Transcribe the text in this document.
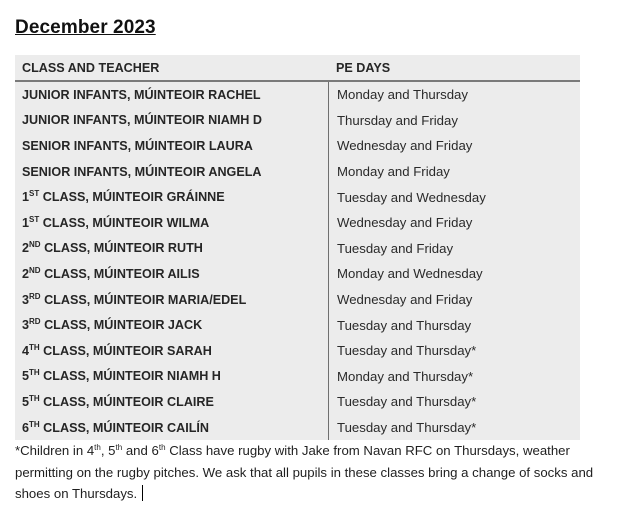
December 2023
CLASS AND TEACHER	PE DAYS
JUNIOR INFANTS, MÚINTEOIR RACHEL	Monday and Thursday
JUNIOR INFANTS, MÚINTEOIR NIAMH D	Thursday and Friday
SENIOR INFANTS, MÚINTEOIR LAURA	Wednesday and Friday
SENIOR INFANTS, MÚINTEOIR ANGELA	Monday and Friday
1ST CLASS, MÚINTEOIR GRÁINNE	Tuesday and Wednesday
1ST CLASS, MÚINTEOIR WILMA	Wednesday and Friday
2ND CLASS, MÚINTEOIR RUTH	Tuesday and Friday
2ND CLASS, MÚINTEOIR AILIS	Monday and Wednesday
3RD CLASS, MÚINTEOIR MARIA/EDEL	Wednesday and Friday
3RD CLASS, MÚINTEOIR JACK	Tuesday and Thursday
4TH CLASS, MÚINTEOIR SARAH	Tuesday and Thursday*
5TH CLASS, MÚINTEOIR NIAMH H	Monday and Thursday*
5TH CLASS, MÚINTEOIR CLAIRE	Tuesday and Thursday*
6TH CLASS, MÚINTEOIR CAILÍN	Tuesday and Thursday*
*Children in 4th, 5th and 6th Class have rugby with Jake from Navan RFC on Thursdays, weather permitting on the rugby pitches. We ask that all pupils in these classes bring a change of socks and shoes on Thursdays.
